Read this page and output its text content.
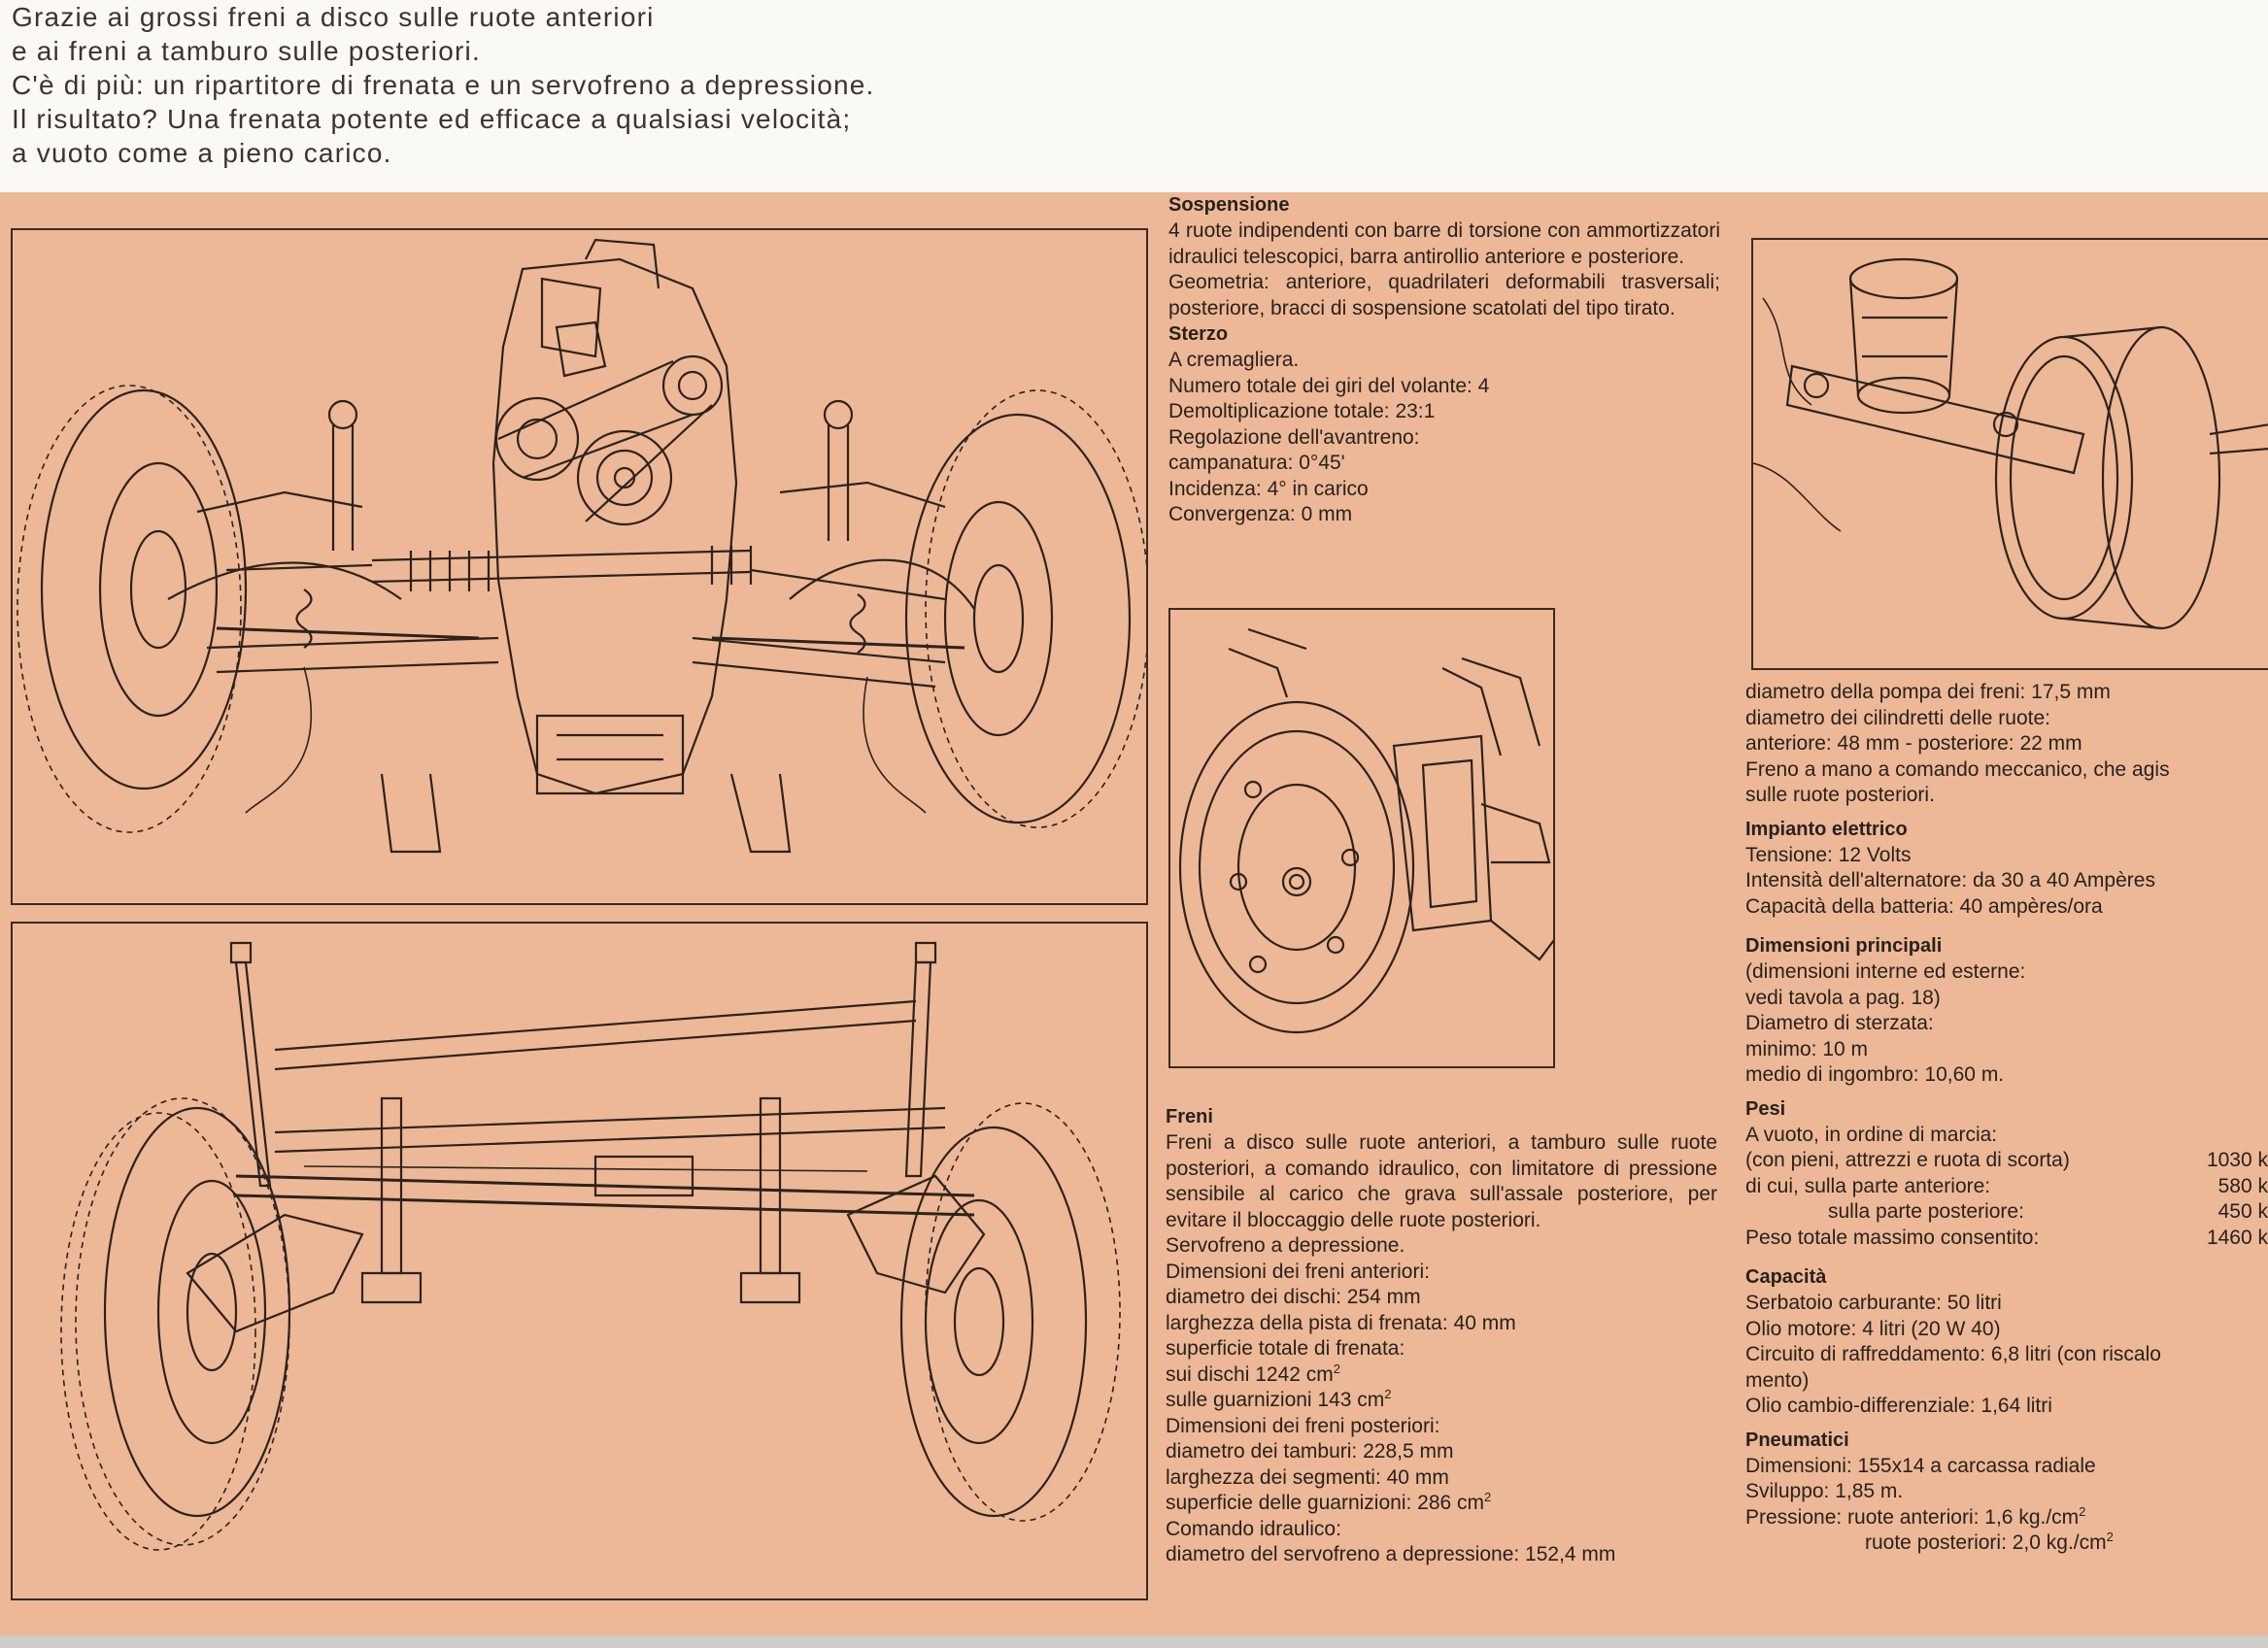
Grazie ai grossi freni a disco sulle ruote anteriori
e ai freni a tamburo sulle posteriori.
C'è di più: un ripartitore di frenata e un servofreno a depressione.
Il risultato? Una frenata potente ed efficace a qualsiasi velocità;
a vuoto come a pieno carico.
Sospensione
4 ruote indipendenti con barre di torsione con ammortizzatori idraulici telescopici, barra antirollio anteriore e posteriore.
Geometria: anteriore, quadrilateri deformabili trasversali; posteriore, bracci di sospensione scatolati del tipo tirato.
Sterzo
A cremagliera.
Numero totale dei giri del volante: 4
Demoltiplicazione totale: 23:1
Regolazione dell'avantreno:
campanatura: 0°45'
Incidenza: 4° in carico
Convergenza: 0 mm
Freni
Freni a disco sulle ruote anteriori, a tamburo sulle ruote posteriori, a comando idraulico, con limitatore di pressione sensibile al carico che grava sull'assale posteriore, per evitare il bloccaggio delle ruote posteriori.
Servofreno a depressione.
Dimensioni dei freni anteriori:
diametro dei dischi: 254 mm
larghezza della pista di frenata: 40 mm
superficie totale di frenata:
sui dischi 1242 $cm^2$
sulle guarnizioni 143 $cm^2$
Dimensioni dei freni posteriori:
diametro dei tamburi: 228,5 mm
larghezza dei segmenti: 40 mm
superficie delle guarnizioni: 286 $cm^2$
Comando idraulico:
diametro del servofreno a depressione: 152,4 mm
diametro della pompa dei freni: 17,5 mm
diametro dei cilindretti delle ruote:
anteriore: 48 mm - posteriore: 22 mm
Freno a mano a comando meccanico, che agis
sulle ruote posteriori.
Impianto elettrico
Tensione: 12 Volts
Intensità dell'alternatore: da 30 a 40 Ampères
Capacità della batteria: 40 ampères/ora
Dimensioni principali
(dimensioni interne ed esterne:
vedi tavola a pag. 18)
Diametro di sterzata:
minimo: 10 m
medio di ingombro: 10,60 m.
Pesi
A vuoto, in ordine di marcia:
(con pieni, attrezzi e ruota di scorta)	1030 k
di cui, sulla parte anteriore:	580 k
sulla parte posteriore:	450 k
Peso totale massimo consentito:	1460 k
Capacità
Serbatoio carburante: 50 litri
Olio motore: 4 litri (20 W 40)
Circuito di raffreddamento: 6,8 litri (con riscalo
mento)
Olio cambio-differenziale: 1,64 litri
Pneumatici
Dimensioni: 155x14 a carcassa radiale
Sviluppo: 1,85 m.
Pressione: ruote anteriori: 1,6 $kg./cm^2$
ruote posteriori: 2,0 $kg./cm^2$
